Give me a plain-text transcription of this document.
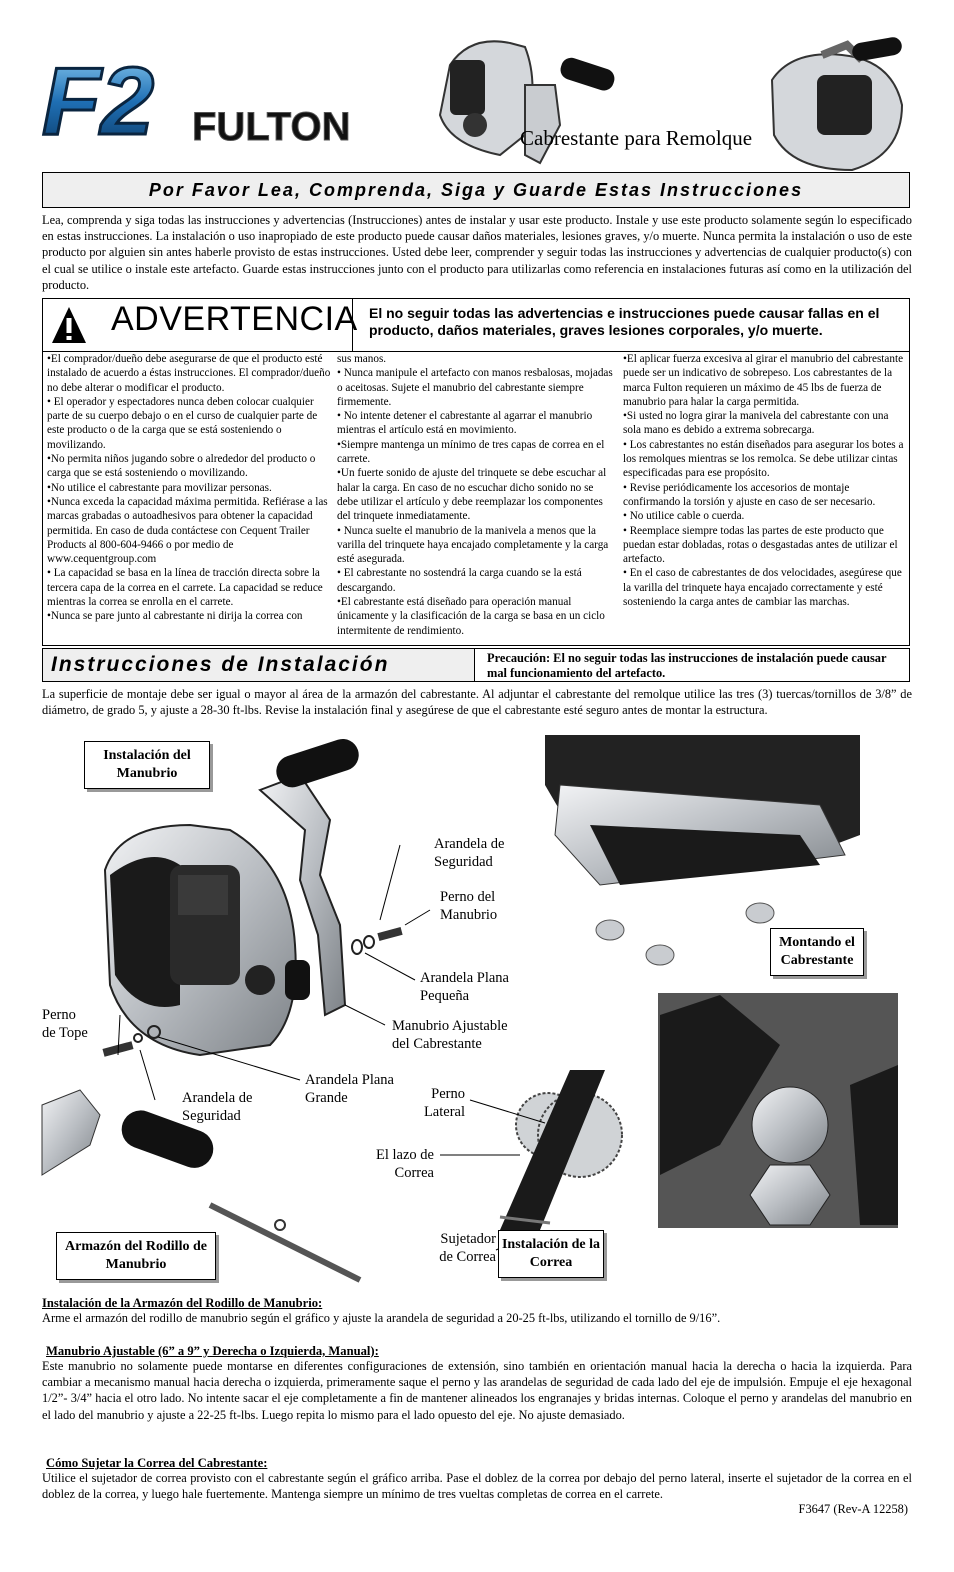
F2 FULTON	Cabrestante para Remolque
Por Favor Lea, Comprenda, Siga y Guarde Estas Instrucciones
Lea, comprenda y siga todas las instrucciones y advertencias (Instrucciones) antes de instalar y usar este producto. Instale y use este producto solamente según lo especificado en estas instrucciones. La instalación o uso inapropiado de este producto puede causar daños materiales, lesiones graves, y/o muerte. Nunca permita la instalación o uso de este producto por alguien sin antes haberle provisto de estas instrucciones. Usted debe leer, comprender y seguir todas las instrucciones y advertencias de cualquier producto(s) con el cual se utilice o instale este artefacto. Guarde estas instrucciones junto con el producto para utilizarlas como referencia en instalaciones futuras así como en la utilización del producto.
ADVERTENCIA El no seguir todas las advertencias e instrucciones puede causar fallas en el producto, daños materiales, graves lesiones corporales, y/o muerte.
•El comprador/dueño debe asegurarse de que el producto esté instalado de acuerdo a éstas instrucciones. El comprador/dueño no debe alterar o modificar el producto.
• El operador y espectadores nunca deben colocar cualquier parte de su cuerpo debajo o en el curso de cualquier parte de este producto o de la carga que se está sosteniendo o movilizando.
•No permita niños jugando sobre o alrededor del producto o carga que se está sosteniendo o movilizando.
•No utilice el cabrestante para movilizar personas.
•Nunca exceda la capacidad máxima permitida. Refiérase a las marcas grabadas o autoadhesivos para obtener la capacidad permitida. En caso de duda contáctese con Cequent Trailer Products al 800-604-9466 o por medio de www.cequentgroup.com
• La capacidad se basa en la línea de tracción directa sobre la tercera capa de la correa en el carrete. La capacidad se reduce mientras la correa se enrolla en el carrete.
•Nunca se pare junto al cabrestante ni dirija la correa con
sus manos.
• Nunca manipule el artefacto con manos resbalosas, mojadas o aceitosas. Sujete el manubrio del cabrestante siempre firmemente.
• No intente detener el cabrestante al agarrar el manubrio mientras el artículo está en movimiento.
•Siempre mantenga un mínimo de tres capas de correa en el carrete.
•Un fuerte sonido de ajuste del trinquete se debe escuchar al halar la carga. En caso de no escuchar dicho sonido no se debe utilizar el artículo y debe reemplazar los componentes del trinquete inmediatamente.
• Nunca suelte el manubrio de la manivela a menos que la varilla del trinquete haya encajado completamente y la carga esté asegurada.
• El cabrestante no sostendrá la carga cuando se la está descargando.
•El cabrestante está diseñado para operación manual únicamente y la clasificación de la carga se basa en un ciclo intermitente de rendimiento.
•El aplicar fuerza excesiva al girar el manubrio del cabrestante puede ser un indicativo de sobrepeso. Los cabrestantes de la marca Fulton requieren un máximo de 45 lbs de fuerza de manubrio para halar la carga permitida.
•Si usted no logra girar la manivela del cabrestante con una sola mano es debido a extrema sobrecarga.
• Los cabrestantes no están diseñados para asegurar los botes a los remolques mientras se los remolca. Se debe utilizar cintas especificadas para ese propósito.
• Revise periódicamente los accesorios de montaje confirmando la torsión y ajuste en caso de ser necesario.
• No utilice cable o cuerda.
• Reemplace siempre todas las partes de este producto que puedan estar dobladas, rotas o desgastadas antes de utilizar el artefacto.
• En el caso de cabrestantes de dos velocidades, asegúrese que la varilla del trinquete haya encajado correctamente y esté sosteniendo la carga antes de cambiar las marchas.
Instrucciones de Instalación	Precaución: El no seguir todas las instrucciones de instalación puede causar mal funcionamiento del artefacto.
La superficie de montaje debe ser igual o mayor al área de la armazón del cabrestante. Al adjuntar el cabrestante del remolque utilice las tres (3) tuercas/tornillos de 3/8” de diámetro, de grado 5, y ajuste a 28-30 ft-lbs. Revise la instalación final y asegúrese de que el cabrestante esté seguro antes de montar la estructura.
Instalación del Manubrio
Arandela de Seguridad
Perno del Manubrio
Arandela Plana Pequeña
Manubrio Ajustable del Cabrestante
Perno de Tope
Arandela Plana Grande
Arandela de Seguridad
Montando el Cabrestante
Perno Lateral
El lazo de Correa
Sujetador de Correa
Instalación de la Correa
Armazón del Rodillo de Manubrio
Instalación de la Armazón del Rodillo de Manubrio:
Arme el armazón del rodillo de manubrio según el gráfico y ajuste la arandela de seguridad a 20-25 ft-lbs, utilizando el tornillo de 9/16”.
Manubrio Ajustable (6” a 9” y Derecha o Izquierda, Manual):
Este manubrio no solamente puede montarse en diferentes configuraciones de extensión, sino también en orientación manual hacia la derecha o hacia la izquierda. Para cambiar a mecanismo manual hacia derecha o izquierda, primeramente saque el perno y las arandelas de seguridad de cada lado del eje de impulsión. Empuje el eje hexagonal 1/2”- 3/4” hacia el otro lado. No intente sacar el eje completamente a fin de mantener alineados los engranajes y bridas internas. Coloque el perno y arandelas del manubrio en el lado del manubrio y ajuste a 22-25 ft-lbs. Luego repita lo mismo para el lado opuesto del eje. No ajuste demasiado.
Cómo Sujetar la Correa del Cabrestante:
Utilice el sujetador de correa provisto con el cabrestante según el gráfico arriba. Pase el doblez de la correa por debajo del perno lateral, inserte el sujetador de la correa en el doblez de la correa, y luego hale fuertemente. Mantenga siempre un mínimo de tres vueltas completas de correa en el carrete.
F3647 (Rev-A 12258)
